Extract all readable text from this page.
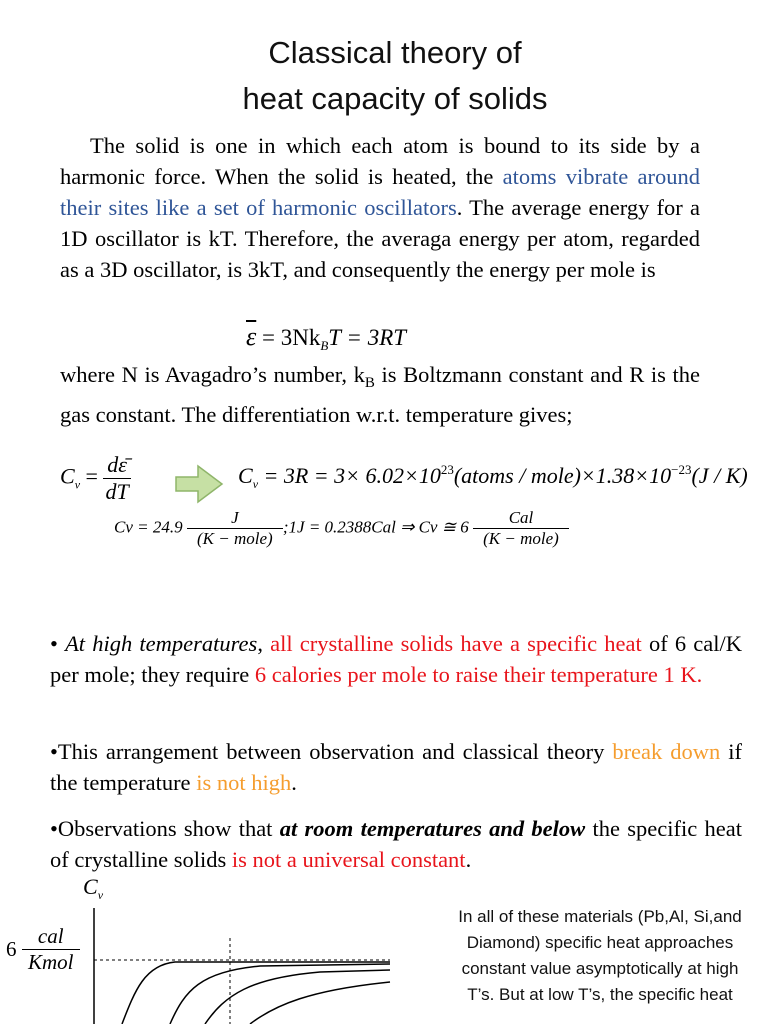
Classical theory of
heat capacity of solids
The solid is one in which each atom is bound to its side by a harmonic force. When the solid is heated, the atoms vibrate around their sites like a set of harmonic oscillators. The average energy for a 1D oscillator is kT. Therefore, the averaga energy per atom, regarded as a 3D oscillator, is 3kT, and consequently the energy per mole is
$\overline{\varepsilon} = 3Nk_BT = 3RT$
where N is Avagadro’s number, $k_B$ is Boltzmann constant and R is the gas constant. The differentiation w.r.t. temperature gives;
$C_v = \frac{d\varepsilon̄}{dT}$	$C_v = 3R = 3\times$ $6.02\times 10^{23}(atoms$ / $mole)\times 1.38\times 10^{-23}(J / K)$
$Cv = 24.9 \frac{J}{\text{(K − mole)}}$ ;1J = 0.2388Cal ⇒ Cv ≅ $6 \frac{\text{Cal}}{\text{(K − mole)}}$
• At high temperatures, all crystalline solids have a specific heat of 6 cal/K per mole; they require 6 calories per mole to raise their temperature 1 K.
•This arrangement between observation and classical theory break down if the temperature is not high.
•Observations show that at room temperatures and below the specific heat of crystalline solids is not a universal constant.
$C_v$
$6 \frac{\text{cal}}{\text{Kmol}}$
In all of these materials (Pb,Al, Si,and Diamond) specific heat approaches constant value asymptotically at high T’s. But at low T’s, the specific heat
